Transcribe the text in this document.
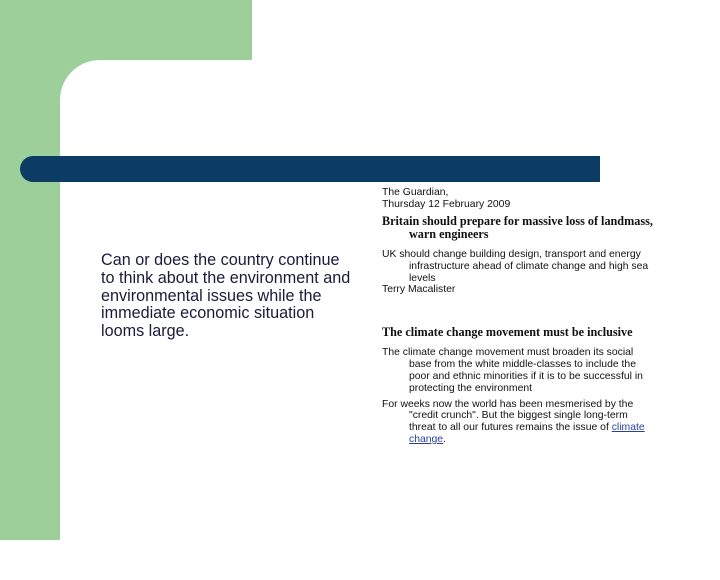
Can or does the country continue to think about the environment and environmental issues while the immediate economic situation looms large.
The Guardian,
Thursday 12 February 2009
Britain should prepare for massive loss of landmass, warn engineers
UK should change building design, transport and energy infrastructure ahead of climate change and high sea levels
Terry Macalister
The climate change movement must be inclusive
The climate change movement must broaden its social base from the white middle-classes to include the poor and ethnic minorities if it is to be successful in protecting the environment
For weeks now the world has been mesmerised by the "credit crunch". But the biggest single long-term threat to all our futures remains the issue of climate change.
